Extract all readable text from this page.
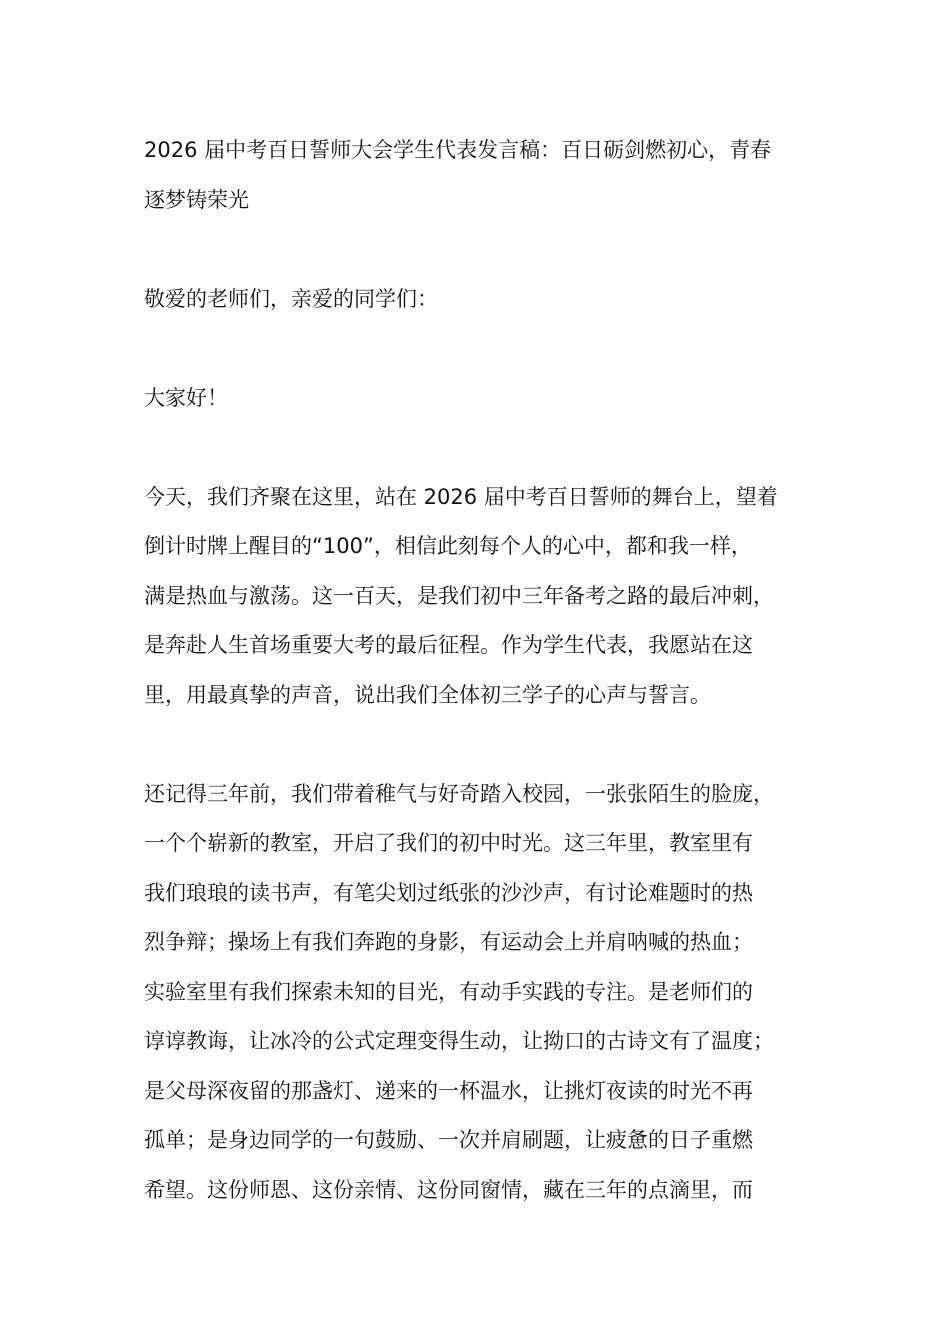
2026 届中考百日誓师大会学生代表发言稿：百日砺剑燃初心，青春
逐梦铸荣光
敬爱的老师们，亲爱的同学们：
大家好！
今天，我们齐聚在这里，站在 2026 届中考百日誓师的舞台上，望着
倒计时牌上醒目的“100”，相信此刻每个人的心中，都和我一样，
满是热血与激荡。这一百天，是我们初中三年备考之路的最后冲刺，
是奔赴人生首场重要大考的最后征程。作为学生代表，我愿站在这
里，用最真挚的声音，说出我们全体初三学子的心声与誓言。
还记得三年前，我们带着稚气与好奇踏入校园，一张张陌生的脸庞，
一个个崭新的教室，开启了我们的初中时光。这三年里，教室里有
我们琅琅的读书声，有笔尖划过纸张的沙沙声，有讨论难题时的热
烈争辩；操场上有我们奔跑的身影，有运动会上并肩呐喊的热血；
实验室里有我们探索未知的目光，有动手实践的专注。是老师们的
谆谆教诲，让冰冷的公式定理变得生动，让拗口的古诗文有了温度；
是父母深夜留的那盏灯、递来的一杯温水，让挑灯夜读的时光不再
孤单；是身边同学的一句鼓励、一次并肩刷题，让疲惫的日子重燃
希望。这份师恩、这份亲情、这份同窗情，藏在三年的点滴里，而
